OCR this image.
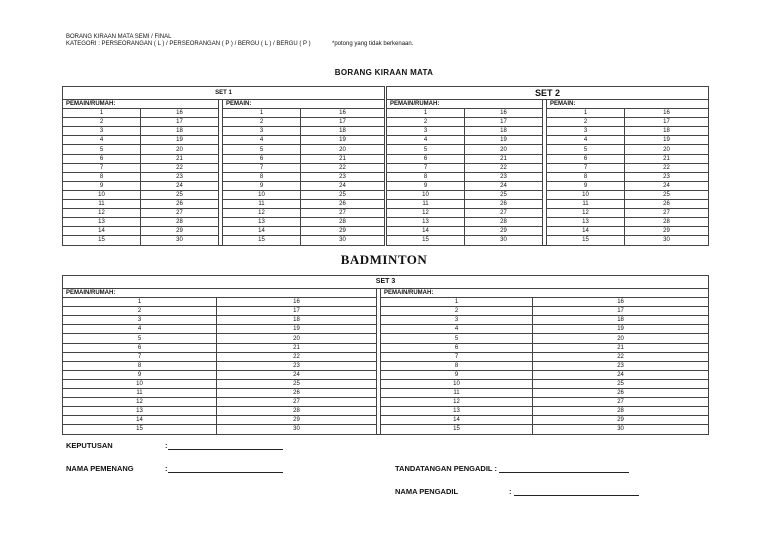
BORANG KIRAAN MATA SEMI / FINAL
KATEGORI : PERSEORANGAN ( L ) / PERSEORANGAN ( P ) / BERGU ( L ) / BERGU ( P )	*potong yang tidak berkenaan.
BORANG KIRAAN MATA
SET 1				
PEMAIN/RUMAH:			PEMAIN:	
1	16		1	16
2	17		2	17
3	18		3	18
4	19		4	19
5	20		5	20
6	21		6	21
7	22		7	22
8	23		8	23
9	24		9	24
10	25		10	25
11	26		11	26
12	27		12	27
13	28		13	28
14	29		14	29
15	30		15	30
SET 2				
PEMAIN/RUMAH:			PEMAIN:	
1	16		1	16
2	17		2	17
3	18		3	18
4	19		4	19
5	20		5	20
6	21		6	21
7	22		7	22
8	23		8	23
9	24		9	24
10	25		10	25
11	26		11	26
12	27		12	27
13	28		13	28
14	29		14	29
15	30		15	30
BADMINTON
SET 3				
PEMAIN/RUMAH:			PEMAIN/RUMAH:	
1	16		1	16
2	17		2	17
3	18		3	18
4	19		4	19
5	20		5	20
6	21		6	21
7	22		7	22
8	23		8	23
9	24		9	24
10	25		10	25
11	26		11	26
12	27		12	27
13	28		13	28
14	29		14	29
15	30		15	30
KEPUTUSAN	:
NAMA PEMENANG	:	TANDATANGAN PENGADIL :
NAMA PENGADIL	:
